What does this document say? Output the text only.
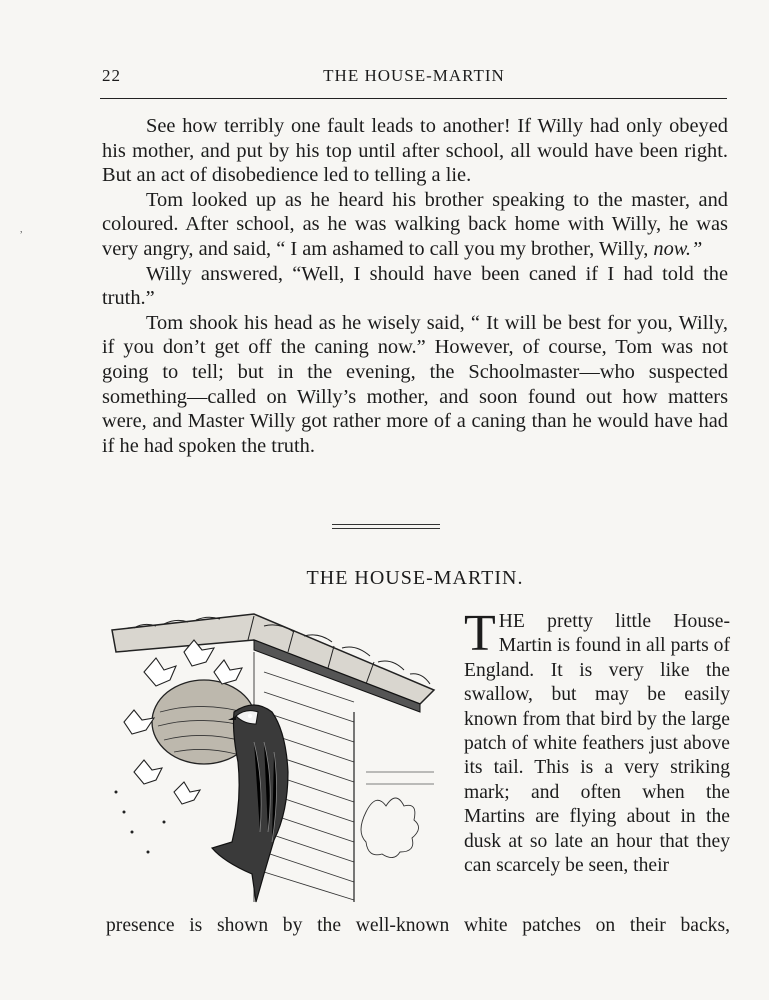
22	THE HOUSE-MARTIN

See how terribly one fault leads to another! If Willy had only obeyed his mother, and put by his top until after school, all would have been right. But an act of disobedience led to telling a lie.

Tom looked up as he heard his brother speaking to the master, and coloured. After school, as he was walking back home with Willy, he was very angry, and said, “ I am ashamed to call you my brother, Willy, now.”

Willy answered, “Well, I should have been caned if I had told the truth.”

Tom shook his head as he wisely said, “ It will be best for you, Willy, if you don’t get off the caning now.” However, of course, Tom was not going to tell; but in the evening, the Schoolmaster—who suspected something—called on Willy’s mother, and soon found out how matters were, and Master Willy got rather more of a caning than he would have had if he had spoken the truth.

THE HOUSE-MARTIN.

THE pretty little House-Martin is found in all parts of England. It is very like the swallow, but may be easily known from that bird by the large patch of white feathers just above its tail. This is a very striking mark; and often when the Martins are flying about in the dusk at so late an hour that they can scarcely be seen, their

presence is shown by the well-known white patches on their backs,
,
